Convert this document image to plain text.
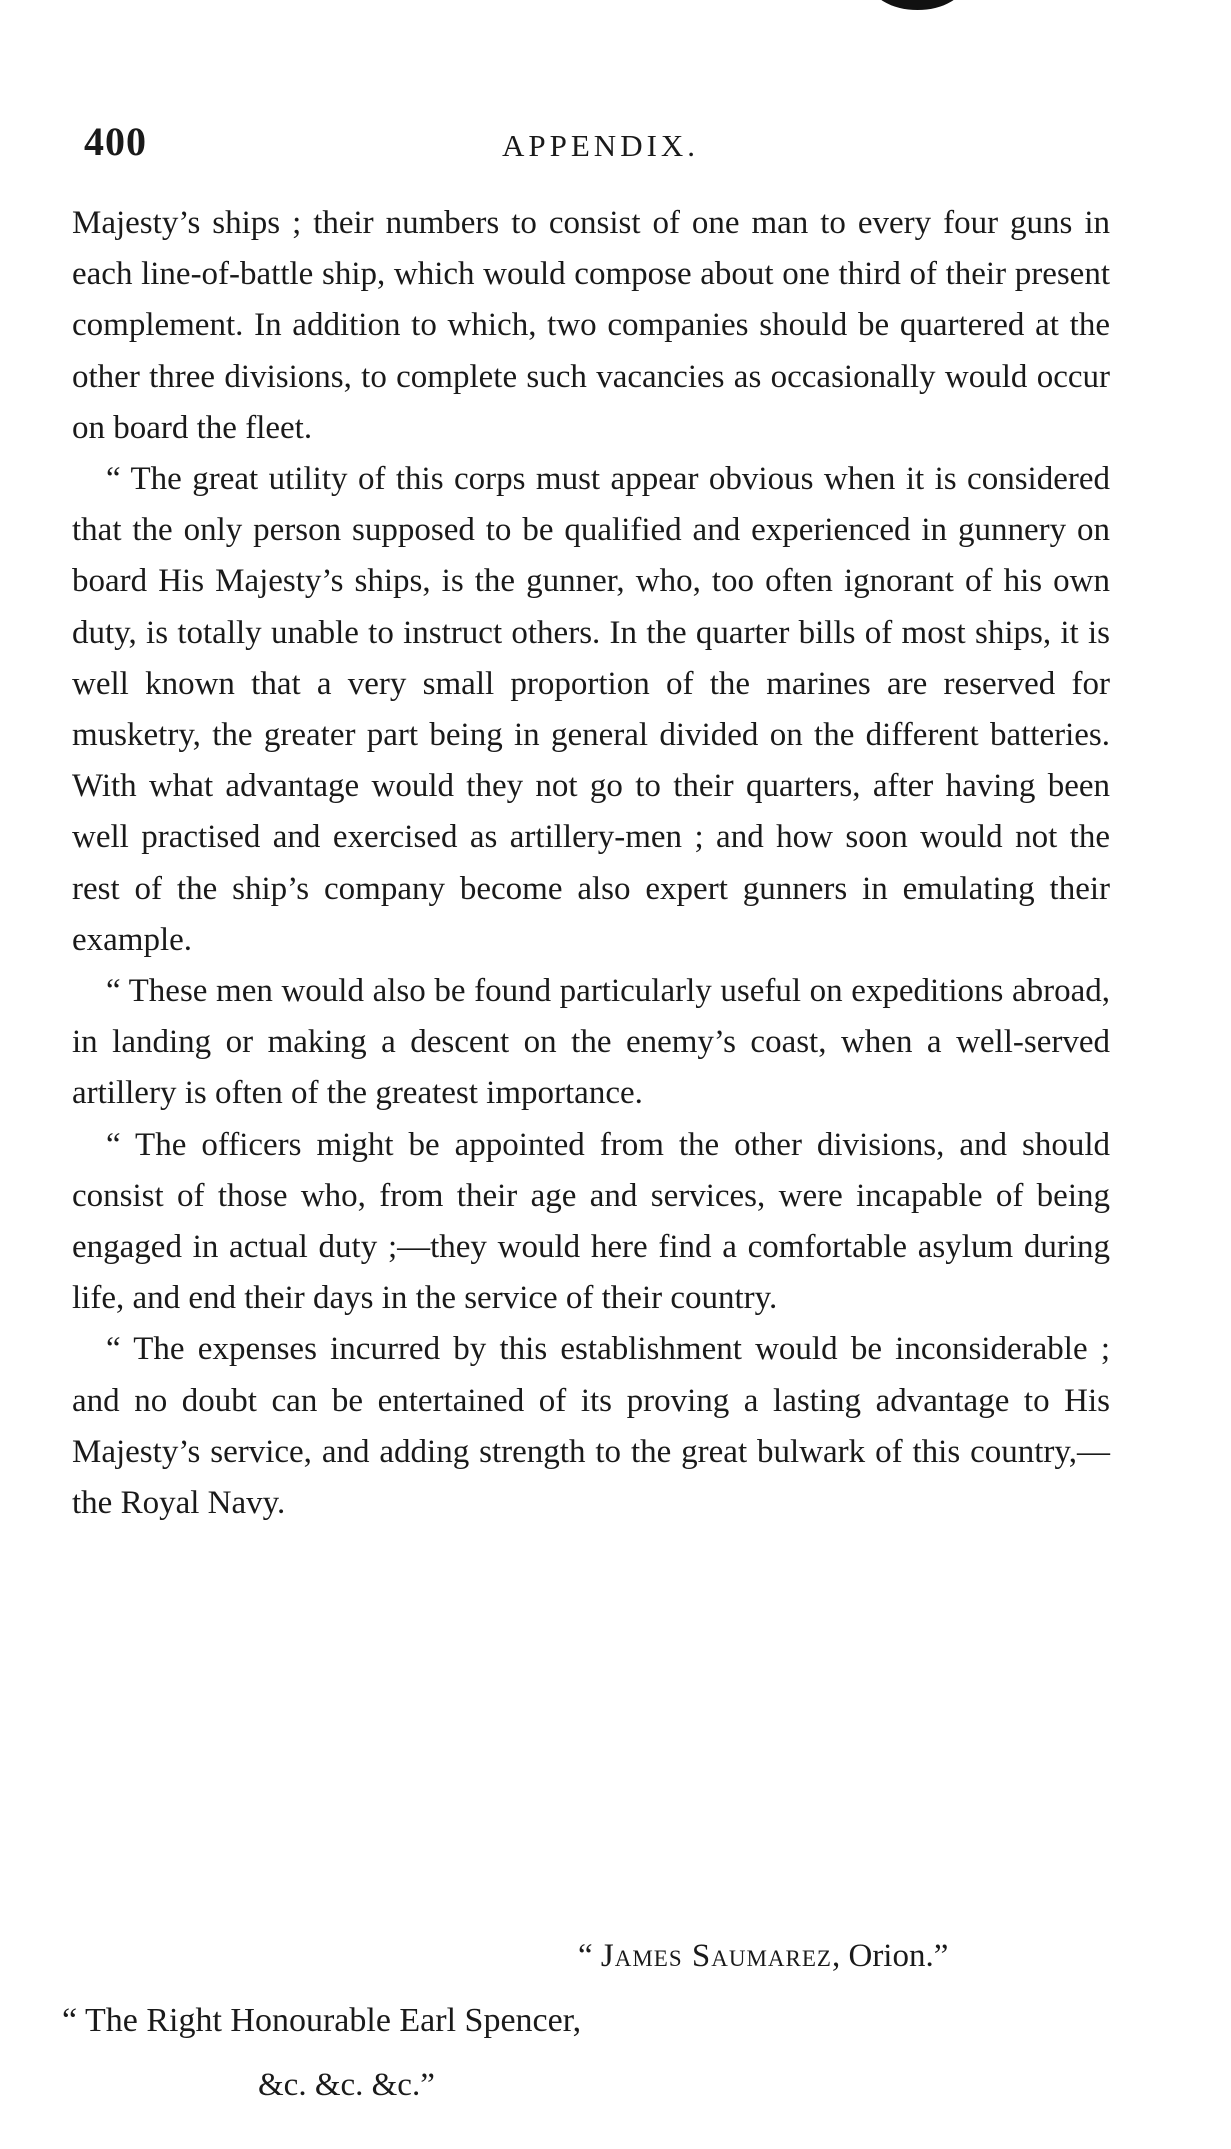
400	APPENDIX.

Majesty’s ships ; their numbers to consist of one man to every four guns in each line-of-battle ship, which would compose about one third of their present complement. In addition to which, two companies should be quartered at the other three divisions, to complete such vacancies as occasionally would occur on board the fleet.

“ The great utility of this corps must appear obvious when it is considered that the only person supposed to be qualified and experienced in gunnery on board His Majesty’s ships, is the gunner, who, too often ignorant of his own duty, is totally unable to instruct others. In the quarter bills of most ships, it is well known that a very small proportion of the marines are reserved for musketry, the greater part being in general divided on the different batteries. With what advantage would they not go to their quarters, after having been well practised and exercised as artillery-men ; and how soon would not the rest of the ship’s company become also expert gunners in emulating their example.

“ These men would also be found particularly useful on expeditions abroad, in landing or making a descent on the enemy’s coast, when a well-served artillery is often of the greatest importance.

“ The officers might be appointed from the other divisions, and should consist of those who, from their age and services, were incapable of being engaged in actual duty ;—they would here find a comfortable asylum during life, and end their days in the service of their country.

“ The expenses incurred by this establishment would be inconsiderable ; and no doubt can be entertained of its proving a lasting advantage to His Majesty’s service, and adding strength to the great bulwark of this country,— the Royal Navy.

“ James Saumarez, Orion.”
“ The Right Honourable Earl Spencer,
&c. &c. &c.”
